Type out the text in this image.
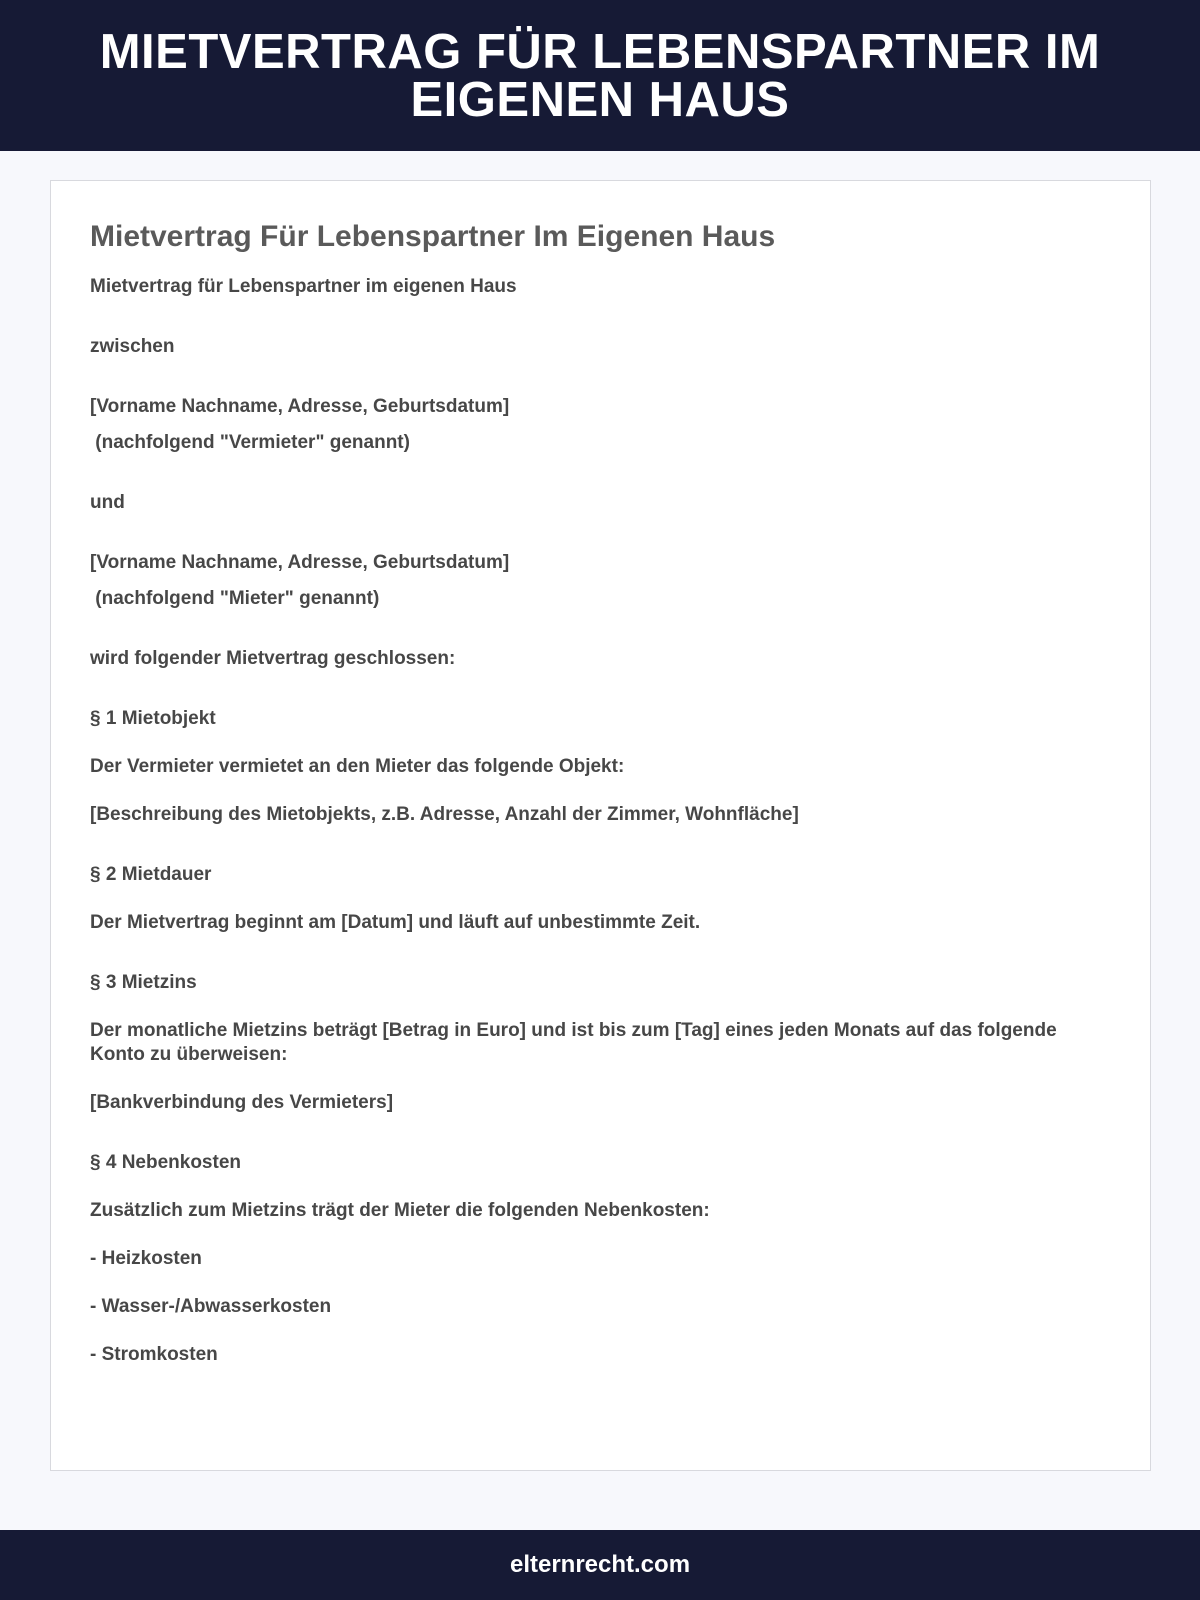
MIETVERTRAG FÜR LEBENSPARTNER IM EIGENEN HAUS
Mietvertrag Für Lebenspartner Im Eigenen Haus

Mietvertrag für Lebenspartner im eigenen Haus

zwischen

[Vorname Nachname, Adresse, Geburtsdatum]

(nachfolgend "Vermieter" genannt)

und

[Vorname Nachname, Adresse, Geburtsdatum]

(nachfolgend "Mieter" genannt)

wird folgender Mietvertrag geschlossen:

§ 1 Mietobjekt

Der Vermieter vermietet an den Mieter das folgende Objekt:

[Beschreibung des Mietobjekts, z.B. Adresse, Anzahl der Zimmer, Wohnfläche]

§ 2 Mietdauer

Der Mietvertrag beginnt am [Datum] und läuft auf unbestimmte Zeit.

§ 3 Mietzins

Der monatliche Mietzins beträgt [Betrag in Euro] und ist bis zum [Tag] eines jeden Monats auf das folgende Konto zu überweisen:

[Bankverbindung des Vermieters]

§ 4 Nebenkosten

Zusätzlich zum Mietzins trägt der Mieter die folgenden Nebenkosten:

- Heizkosten

- Wasser-/Abwasserkosten

- Stromkosten

elternrecht.com
